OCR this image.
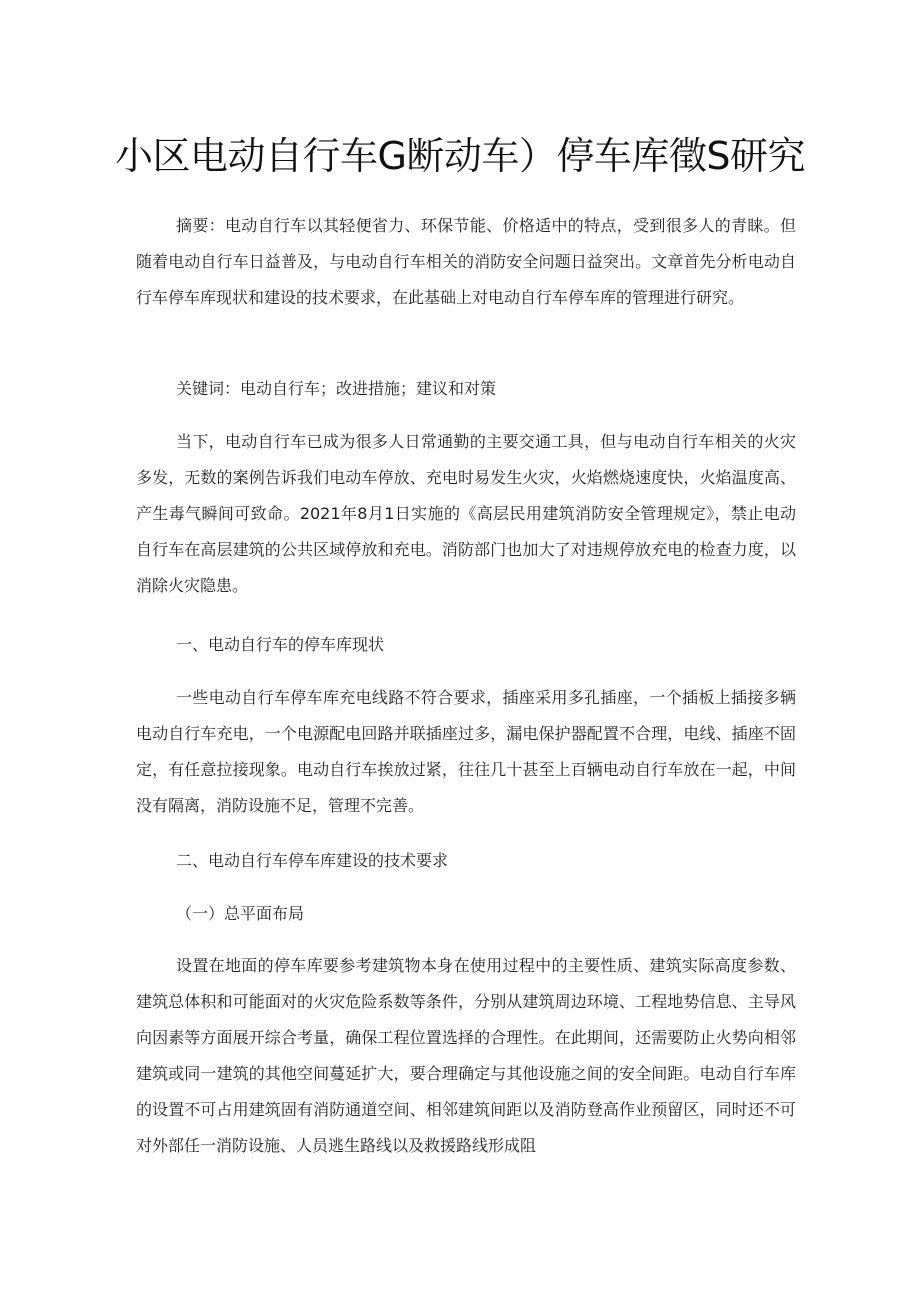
小区电动自行车G断动车）停车库徵S研究

摘要：电动自行车以其轻便省力、环保节能、价格适中的特点，受到很多人的青睐。但随着电动自行车日益普及，与电动自行车相关的消防安全问题日益突出。文章首先分析电动自行车停车库现状和建设的技术要求，在此基础上对电动自行车停车库的管理进行研究。

关键词：电动自行车；改进措施；建议和对策

当下，电动自行车已成为很多人日常通勤的主要交通工具，但与电动自行车相关的火灾多发，无数的案例告诉我们电动车停放、充电时易发生火灾，火焰燃烧速度快，火焰温度高、产生毒气瞬间可致命。2021年8月1日实施的《高层民用建筑消防安全管理规定》，禁止电动自行车在高层建筑的公共区域停放和充电。消防部门也加大了对违规停放充电的检查力度，以消除火灾隐患。

一、电动自行车的停车库现状

一些电动自行车停车库充电线路不符合要求，插座采用多孔插座，一个插板上插接多辆电动自行车充电，一个电源配电回路并联插座过多，漏电保护器配置不合理，电线、插座不固定，有任意拉接现象。电动自行车挨放过紧，往往几十甚至上百辆电动自行车放在一起，中间没有隔离，消防设施不足，管理不完善。

二、电动自行车停车库建设的技术要求
（一）总平面布局

设置在地面的停车库要参考建筑物本身在使用过程中的主要性质、建筑实际高度参数、建筑总体积和可能面对的火灾危险系数等条件，分别从建筑周边环境、工程地势信息、主导风向因素等方面展开综合考量，确保工程位置选择的合理性。在此期间，还需要防止火势向相邻建筑或同一建筑的其他空间蔓延扩大，要合理确定与其他设施之间的安全间距。电动自行车库的设置不可占用建筑固有消防通道空间、相邻建筑间距以及消防登高作业预留区，同时还不可对外部任一消防设施、人员逃生路线以及救援路线形成阻
